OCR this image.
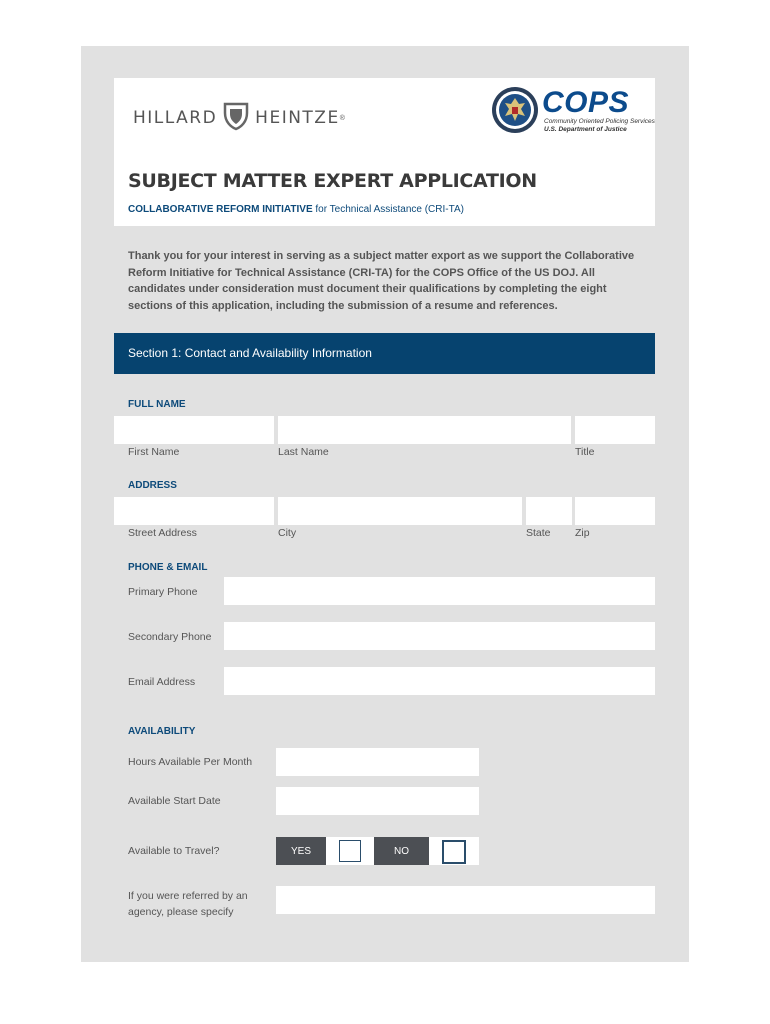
HILLARD HEINTZE ®	COPS
Community Oriented Policing Services
U.S. Department of Justice
SUBJECT MATTER EXPERT APPLICATION
COLLABORATIVE REFORM INITIATIVE for Technical Assistance (CRI-TA)
Thank you for your interest in serving as a subject matter export as we support the Collaborative Reform Initiative for Technical Assistance (CRI-TA) for the COPS Office of the US DOJ. All candidates under consideration must document their qualifications by completing the eight sections of this application, including the submission of a resume and references.
Section 1: Contact and Availability Information
FULL NAME
First Name	Last Name	Title
ADDRESS
Street Address	City	State Zip
PHONE & EMAIL
Primary Phone
Secondary Phone
Email Address
AVAILABILITY
Hours Available Per Month
Available Start Date
Available to Travel?	YES	NO
If you were referred by an
agency, please specify
